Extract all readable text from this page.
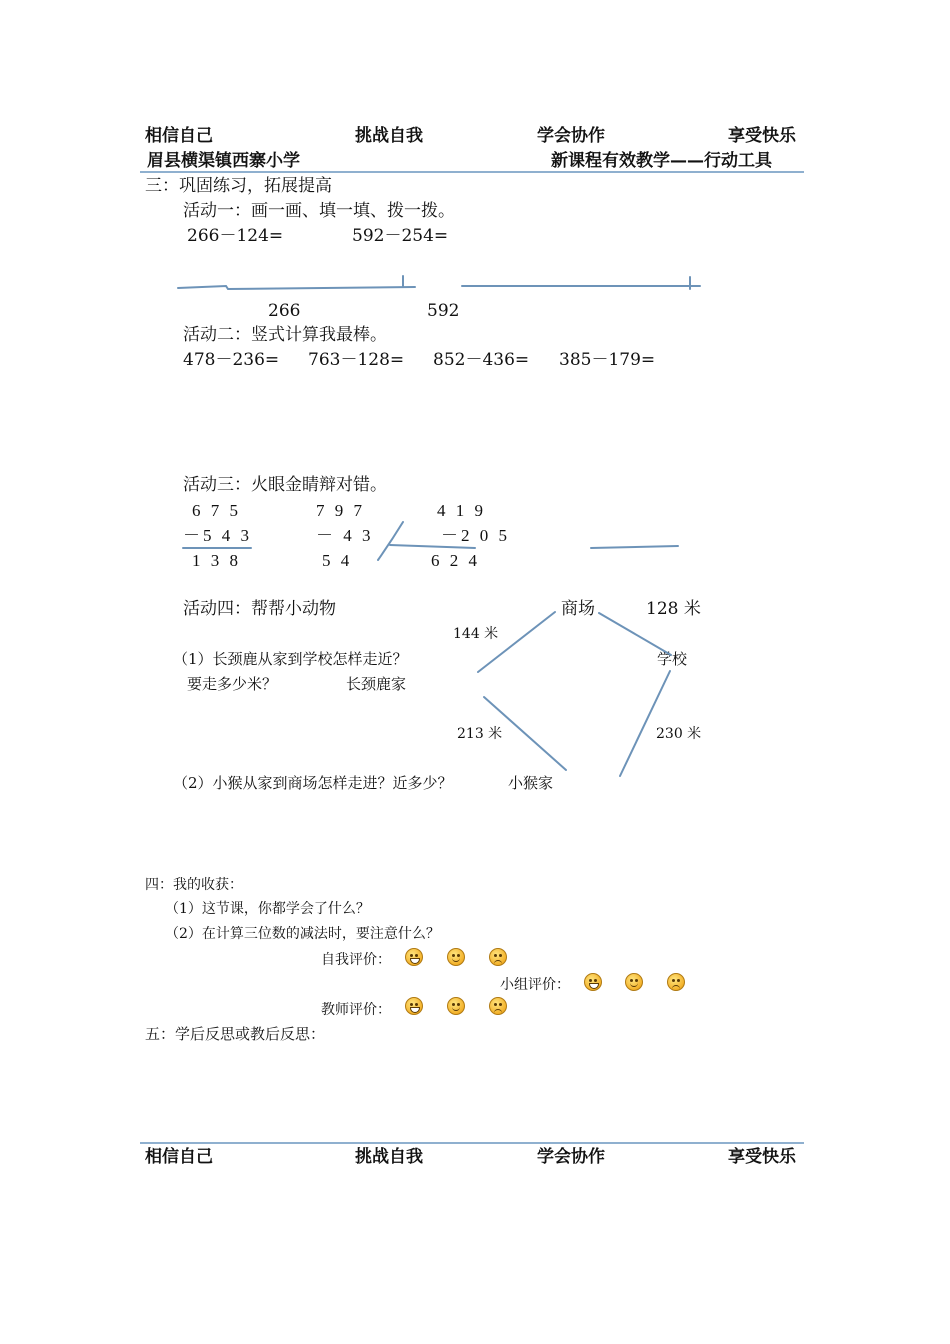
相信自己	挑战自我	学会协作	享受快乐
眉县横渠镇西寨小学	新课程有效教学——行动工具
三：巩固练习，拓展提高
活动一：画一画、填一填、拨一拨。
266－124=	592－254=
266	592
活动二：竖式计算我最棒。
478－236= 763－128= 852－436= 385－179=
活动三：火眼金睛辩对错。
6 7 5
－5 4 3
1 3 8
7 9 7
－ 4 3
5 4
4 1 9
－2 0 5
6 2 4
活动四：帮帮小动物	商场	128 米
144 米
（1）长颈鹿从家到学校怎样走近？	学校
要走多少米？	长颈鹿家
213 米	230 米
（2）小猴从家到商场怎样走进？近多少？	小猴家
四：我的收获：
（1）这节课，你都学会了什么？
（2）在计算三位数的减法时，要注意什么？
自我评价：
小组评价：
教师评价：
五：学后反思或教后反思：
相信自己	挑战自我	学会协作	享受快乐
